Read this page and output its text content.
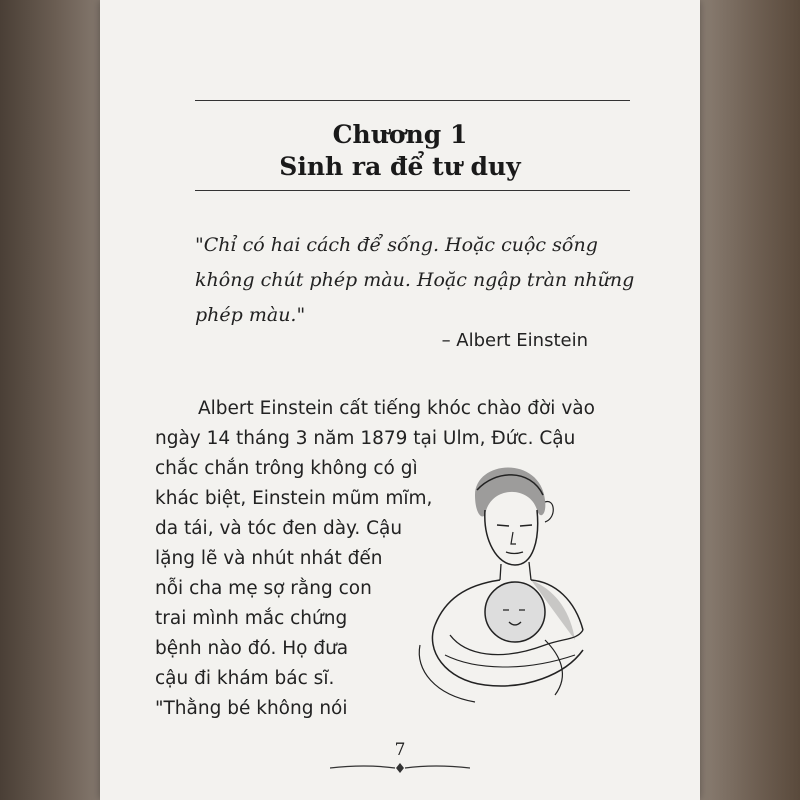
Chương 1
Sinh ra để tư duy
"Chỉ có hai cách để sống. Hoặc cuộc sống
không chút phép màu. Hoặc ngập tràn những
phép màu."
– Albert Einstein
Albert Einstein cất tiếng khóc chào đời vào
ngày 14 tháng 3 năm 1879 tại Ulm, Đức. Cậu
chắc chắn trông không có gì
khác biệt, Einstein mũm mĩm,
da tái, và tóc đen dày. Cậu
lặng lẽ và nhút nhát đến
nỗi cha mẹ sợ rằng con
trai mình mắc chứng
bệnh nào đó. Họ đưa
cậu đi khám bác sĩ.
"Thằng bé không nói
7
